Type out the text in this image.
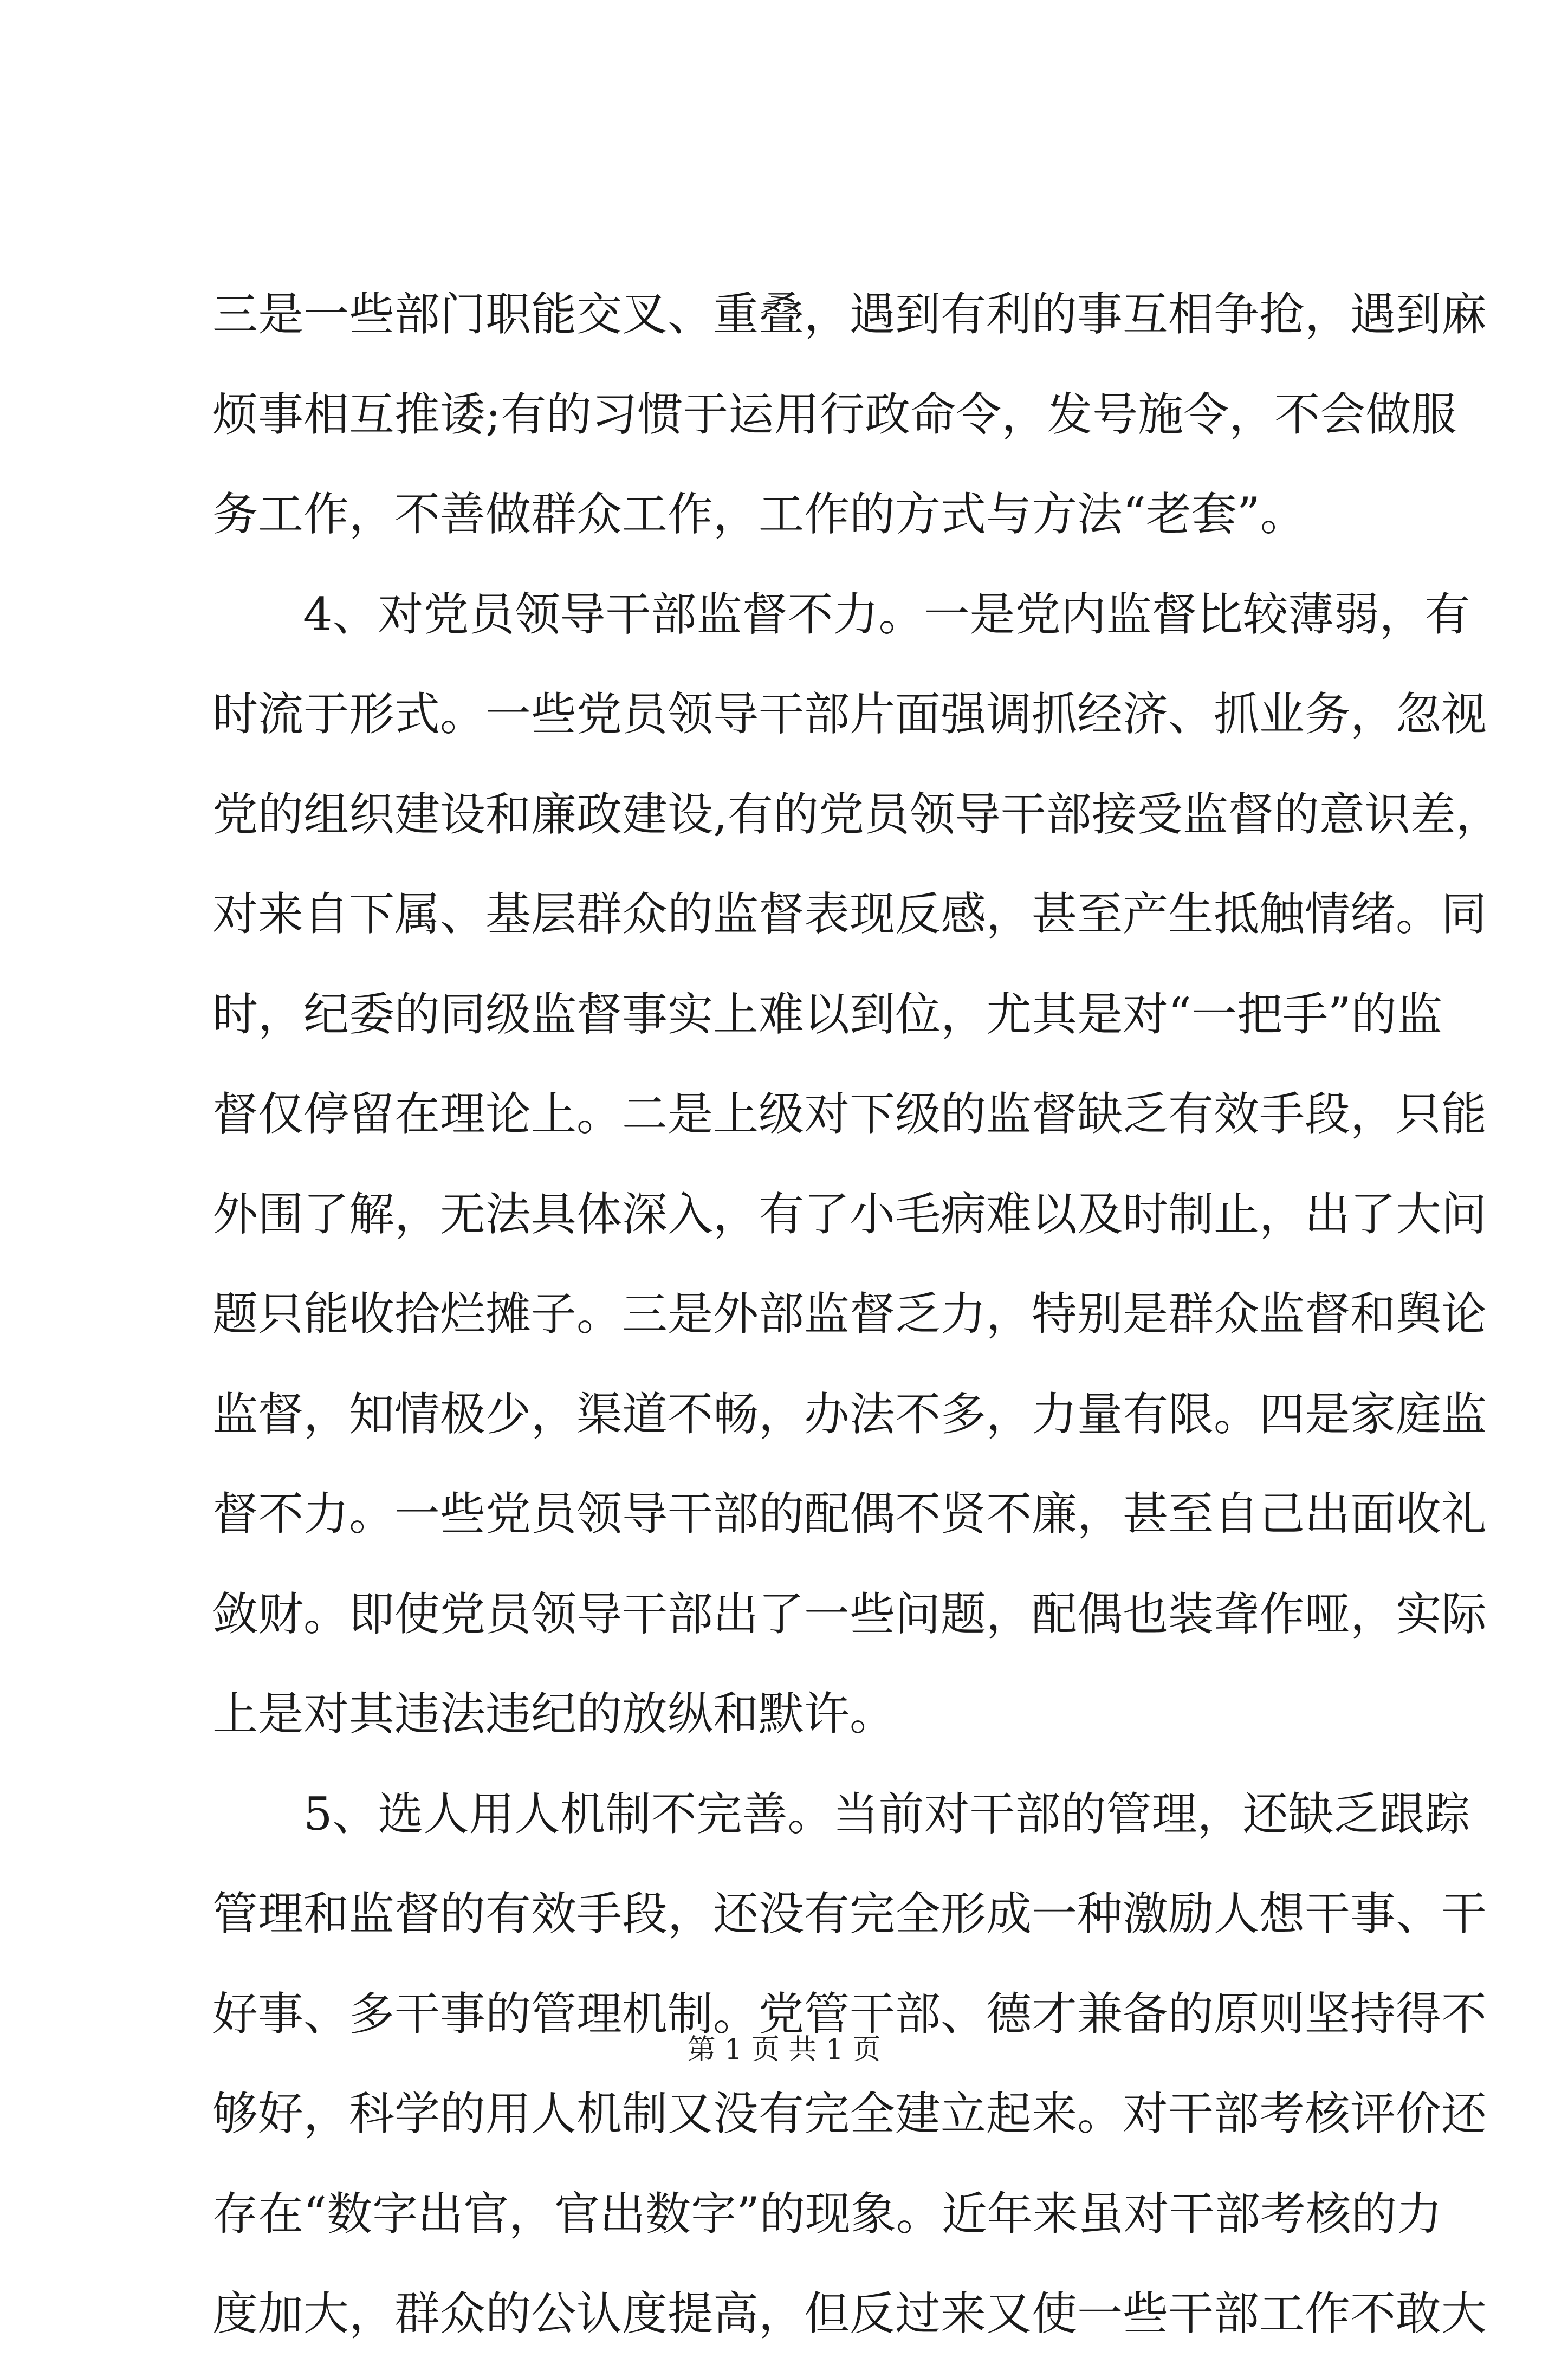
三是一些部门职能交叉、重叠，遇到有利的事互相争抢，遇到麻
烦事相互推诿;有的习惯于运用行政命令，发号施令，不会做服
务工作，不善做群众工作，工作的方式与方法“老套”。
4、对党员领导干部监督不力。一是党内监督比较薄弱，有
时流于形式。一些党员领导干部片面强调抓经济、抓业务，忽视
党的组织建设和廉政建设,有的党员领导干部接受监督的意识差，
对来自下属、基层群众的监督表现反感，甚至产生抵触情绪。同
时，纪委的同级监督事实上难以到位，尤其是对“一把手”的监
督仅停留在理论上。二是上级对下级的监督缺乏有效手段，只能
外围了解，无法具体深入，有了小毛病难以及时制止，出了大问
题只能收拾烂摊子。三是外部监督乏力，特别是群众监督和舆论
监督，知情极少，渠道不畅，办法不多，力量有限。四是家庭监
督不力。一些党员领导干部的配偶不贤不廉，甚至自己出面收礼
敛财。即使党员领导干部出了一些问题，配偶也装聋作哑，实际
上是对其违法违纪的放纵和默许。
5、选人用人机制不完善。当前对干部的管理，还缺乏跟踪
管理和监督的有效手段，还没有完全形成一种激励人想干事、干
好事、多干事的管理机制。党管干部、德才兼备的原则坚持得不
够好，科学的用人机制又没有完全建立起来。对干部考核评价还
存在“数字出官，官出数字”的现象。近年来虽对干部考核的力
度加大，群众的公认度提高，但反过来又使一些干部工作不敢大
第 1 页 共 1 页
